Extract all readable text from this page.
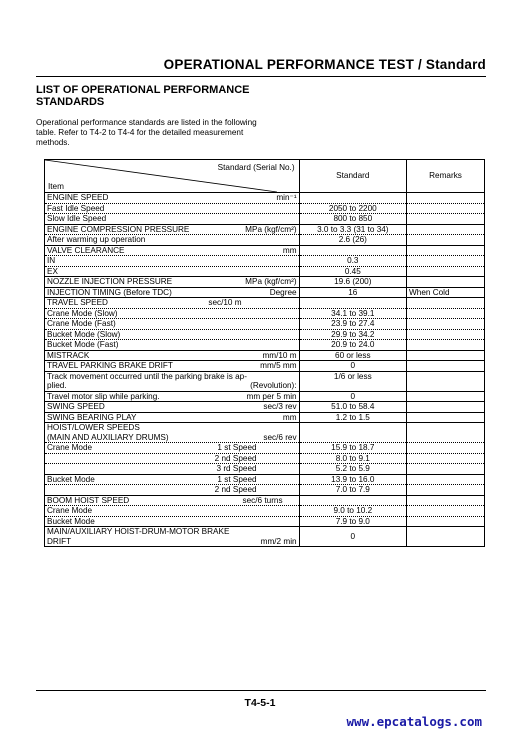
OPERATIONAL PERFORMANCE TEST / Standard
LIST OF OPERATIONAL PERFORMANCE STANDARDS
Operational performance standards are listed in the following table. Refer to T4-2 to T4-4 for the detailed measurement methods.
Standard (Serial No.)
Item	Standard	Remarks

ENGINE SPEED min⁻¹		

Fast Idle Speed	2050 to 2200	
Slow Idle Speed	800 to 850	

ENGINE COMPRESSION PRESSURE MPa (kgf/cm²)	3.0 to 3.3 (31 to 34)	
After warming up operation	2.6 (26)	

VALVE CLEARANCE mm		

IN	0.3	
EX	0.45	

NOZZLE INJECTION PRESSURE MPa (kgf/cm²)	19.6 (200)	

INJECTION TIMING (Before TDC) Degree	16	When Cold

TRAVEL SPEED sec/10 m		

Crane Mode (Slow)	34.1 to 39.1	
Crane Mode (Fast)	23.9 to 27.4	
Bucket Mode (Slow)	29.9 to 34.2	
Bucket Mode (Fast)	20.9 to 24.0	

MISTRACK mm/10 m	60 or less	

TRAVEL PARKING BRAKE DRIFT mm/5 mm	0	

Track movement occurred until the parking brake is ap-
plied. (Revolution):	1/6 or less	

Travel motor slip while parking. mm per 5 min	0	

SWING SPEED sec/3 rev	51.0 to 58.4	

SWING BEARING PLAY mm	1.2 to 1.5	

HOIST/LOWER SPEEDS
(MAIN AND AUXILIARY DRUMS) sec/6 rev		

Crane Mode 1 st Speed	15.9 to 18.7	
2 nd Speed	8.0 to 9.1	
3 rd Speed	5.2 to 5.9	

Bucket Mode 1 st Speed	13.9 to 16.0	
2 nd Speed	7.0 to 7.9	

BOOM HOIST SPEED sec/6 turns		

Crane Mode	9.0 to 10.2	
Bucket Mode	7.9 to 9.0	

MAIN/AUXILIARY HOIST-DRUM-MOTOR BRAKE
DRIFT mm/2 min	0	
T4-5-1
www.epcatalogs.com
